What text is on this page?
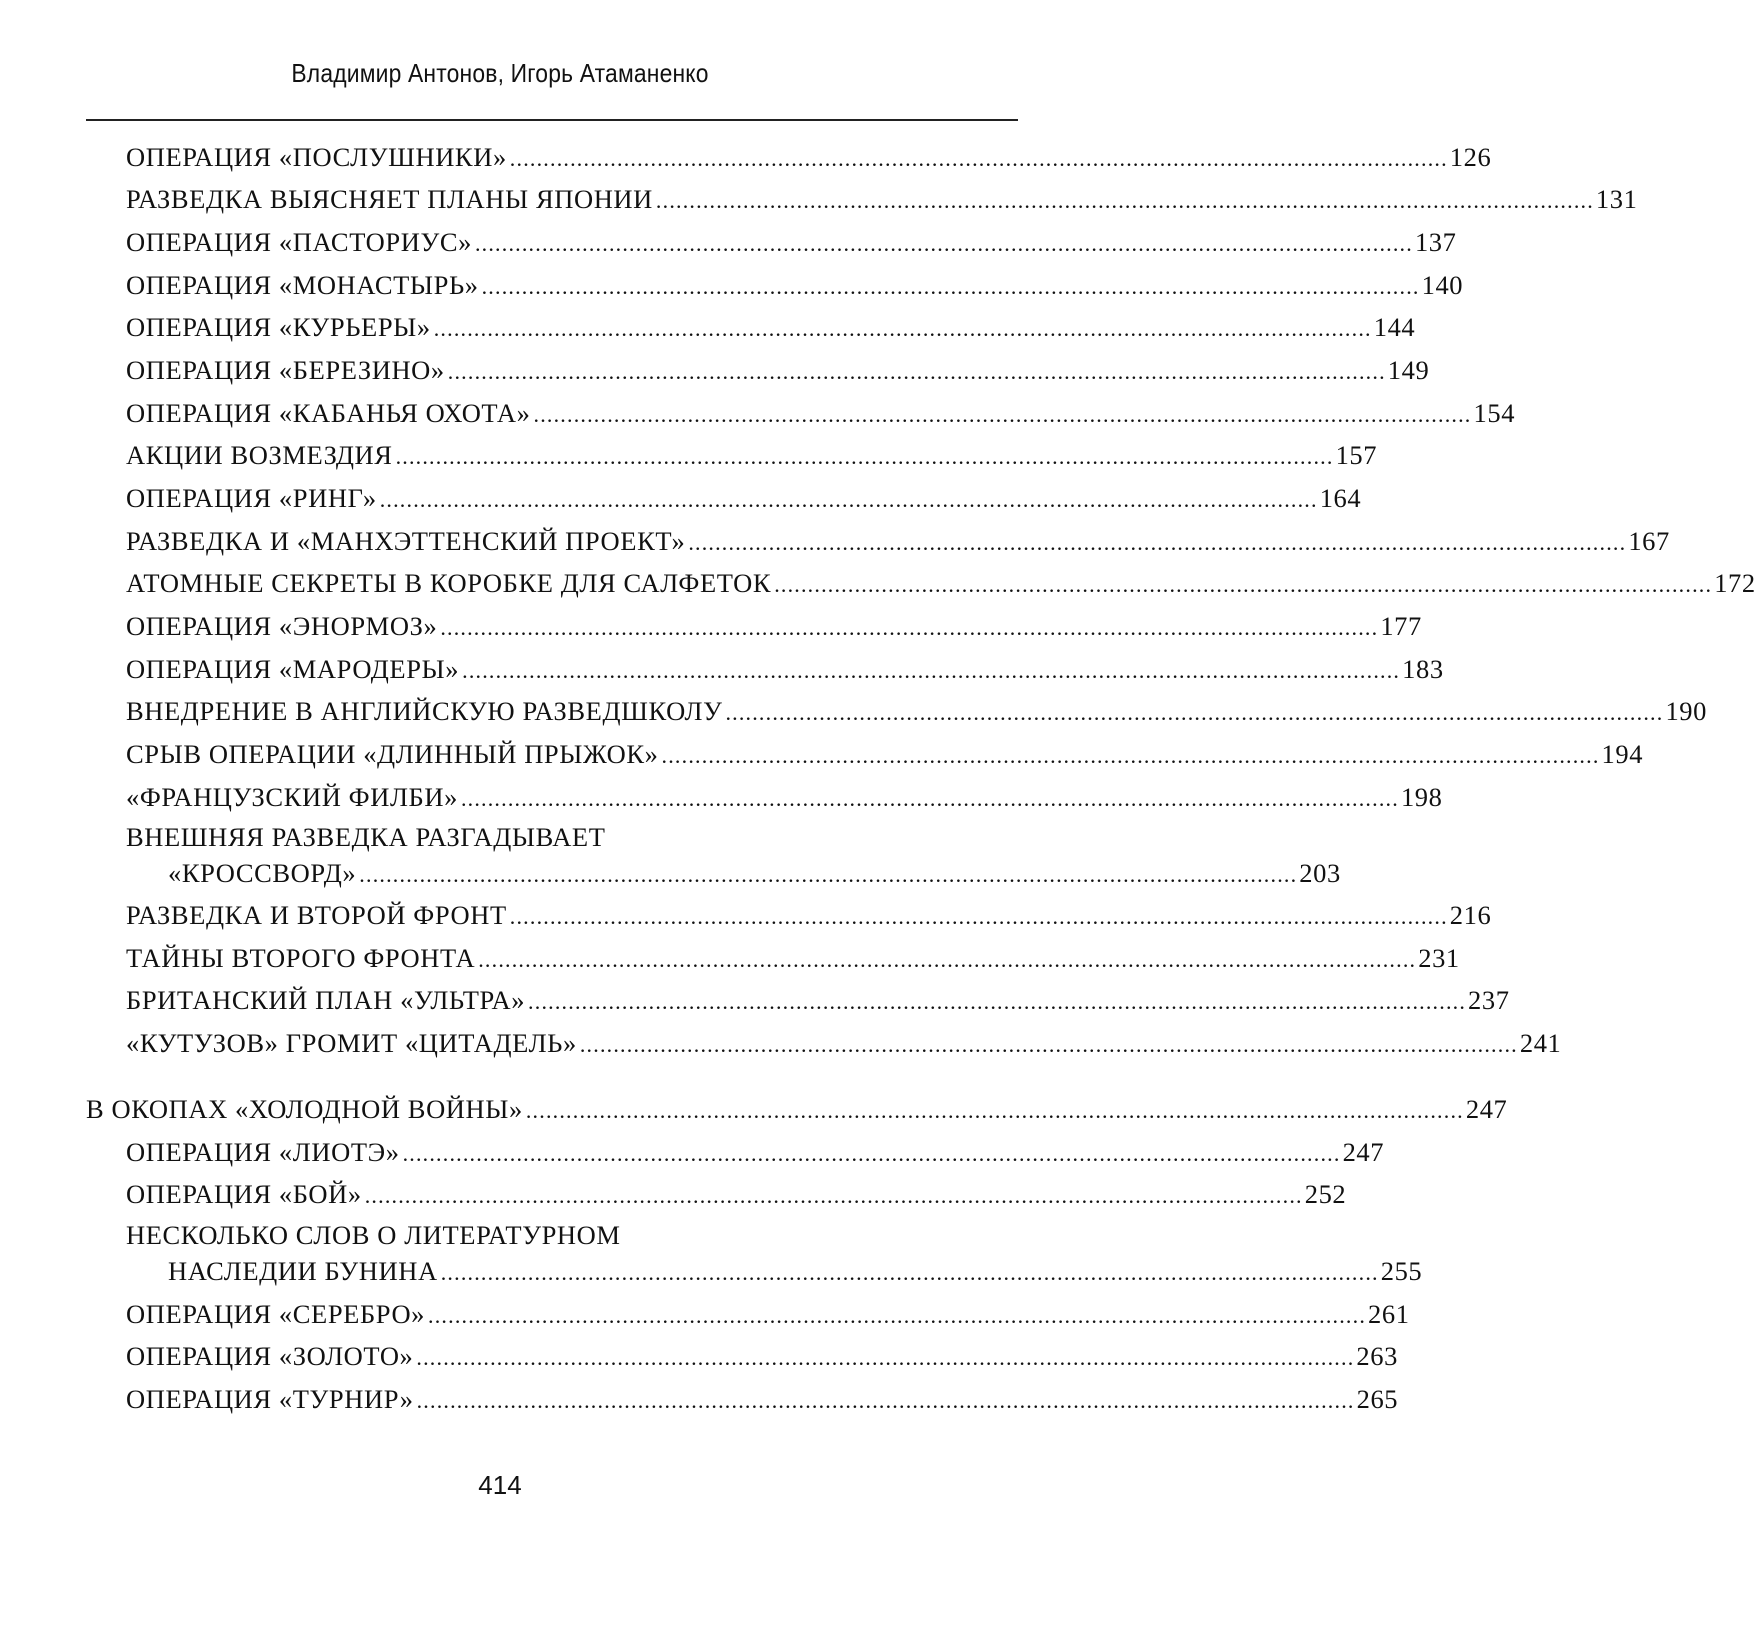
Владимир Антонов, Игорь Атаманенко
ОПЕРАЦИЯ «ПОСЛУШНИКИ» ............................................................................................................................................ 126
РАЗВЕДКА ВЫЯСНЯЕТ ПЛАНЫ ЯПОНИИ ............................................................................................................................................ 131
ОПЕРАЦИЯ «ПАСТОРИУС» ............................................................................................................................................ 137
ОПЕРАЦИЯ «МОНАСТЫРЬ» ............................................................................................................................................ 140
ОПЕРАЦИЯ «КУРЬЕРЫ» ............................................................................................................................................ 144
ОПЕРАЦИЯ «БЕРЕЗИНО» ............................................................................................................................................ 149
ОПЕРАЦИЯ «КАБАНЬЯ ОХОТА» ............................................................................................................................................ 154
АКЦИИ ВОЗМЕЗДИЯ ............................................................................................................................................ 157
ОПЕРАЦИЯ «РИНГ» ............................................................................................................................................ 164
РАЗВЕДКА И «МАНХЭТТЕНСКИЙ ПРОЕКТ» ............................................................................................................................................ 167
АТОМНЫЕ СЕКРЕТЫ В КОРОБКЕ ДЛЯ САЛФЕТОК ............................................................................................................................................ 172
ОПЕРАЦИЯ «ЭНОРМОЗ» ............................................................................................................................................ 177
ОПЕРАЦИЯ «МАРОДЕРЫ» ............................................................................................................................................ 183
ВНЕДРЕНИЕ В АНГЛИЙСКУЮ РАЗВЕДШКОЛУ ............................................................................................................................................ 190
СРЫВ ОПЕРАЦИИ «ДЛИННЫЙ ПРЫЖОК» ............................................................................................................................................ 194
«ФРАНЦУЗСКИЙ ФИЛБИ» ............................................................................................................................................ 198
ВНЕШНЯЯ РАЗВЕДКА РАЗГАДЫВАЕТ
«КРОССВОРД» ............................................................................................................................................ 203
РАЗВЕДКА И ВТОРОЙ ФРОНТ ............................................................................................................................................ 216
ТАЙНЫ ВТОРОГО ФРОНТА ............................................................................................................................................ 231
БРИТАНСКИЙ ПЛАН «УЛЬТРА» ............................................................................................................................................ 237
«КУТУЗОВ» ГРОМИТ «ЦИТАДЕЛЬ» ............................................................................................................................................ 241
В ОКОПАХ «ХОЛОДНОЙ ВОЙНЫ» ............................................................................................................................................ 247
ОПЕРАЦИЯ «ЛИОТЭ» ............................................................................................................................................ 247
ОПЕРАЦИЯ «БОЙ» ............................................................................................................................................ 252
НЕСКОЛЬКО СЛОВ О ЛИТЕРАТУРНОМ
НАСЛЕДИИ БУНИНА ............................................................................................................................................ 255
ОПЕРАЦИЯ «СЕРЕБРО» ............................................................................................................................................ 261
ОПЕРАЦИЯ «ЗОЛОТО» ............................................................................................................................................ 263
ОПЕРАЦИЯ «ТУРНИР» ............................................................................................................................................ 265
414
